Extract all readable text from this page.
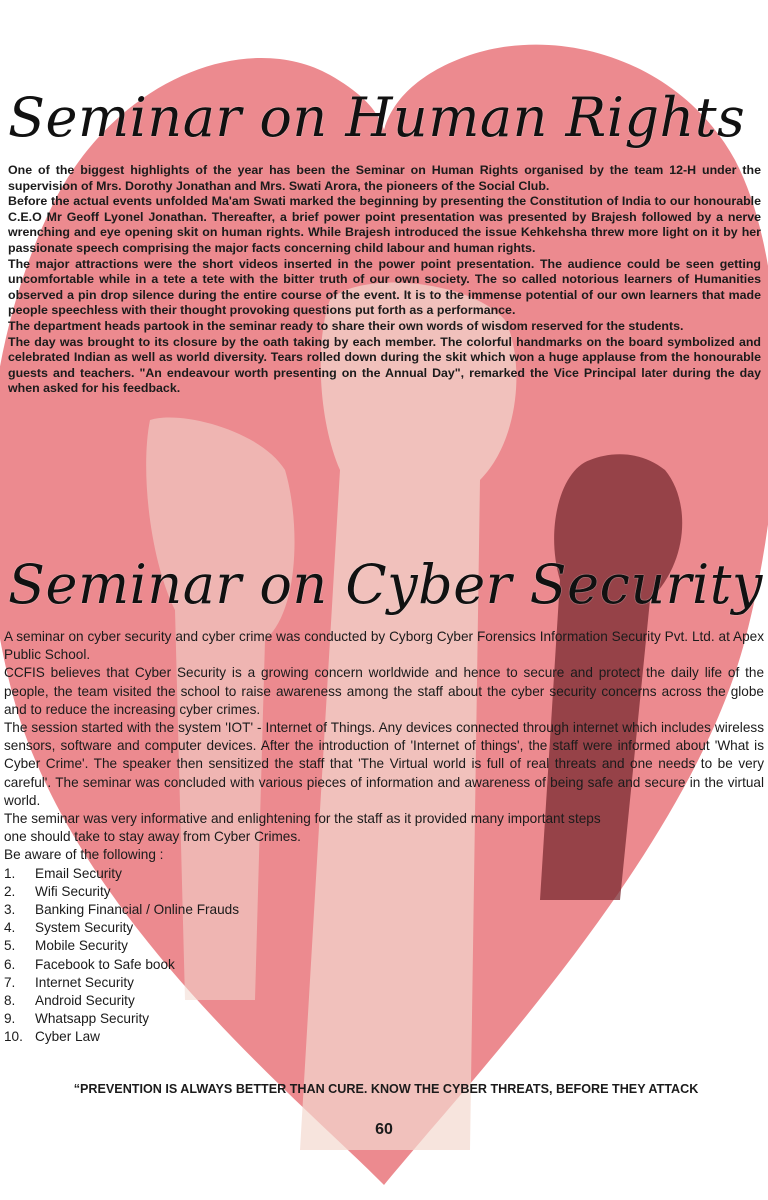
Seminar on Human Rights

One of the biggest highlights of the year has been the Seminar on Human Rights organised by the team 12-H under the supervision of Mrs. Dorothy Jonathan and Mrs. Swati Arora, the pioneers of the Social Club.

Before the actual events unfolded Ma'am Swati marked the beginning by presenting the Constitution of India to our honourable C.E.O Mr Geoff Lyonel Jonathan. Thereafter, a brief power point presentation was presented by Brajesh followed by a nerve wrenching and eye opening skit on human rights. While Brajesh introduced the issue Kehkehsha threw more light on it by her passionate speech comprising the major facts concerning child labour and human rights.

The major attractions were the short videos inserted in the power point presentation. The audience could be seen getting uncomfortable while in a tete a tete with the bitter truth of our own society. The so called notorious learners of Humanities observed a pin drop silence during the entire course of the event. It is to the immense potential of our own learners that made people speechless with their thought provoking questions put forth as a performance.

The department heads partook in the seminar ready to share their own words of wisdom reserved for the students.

The day was brought to its closure by the oath taking by each member. The colorful handmarks on the board symbolized and celebrated Indian as well as world diversity. Tears rolled down during the skit which won a huge applause from the honourable guests and teachers. "An endeavour worth presenting on the Annual Day", remarked the Vice Principal later during the day when asked for his feedback.

Seminar on Cyber Security

A seminar on cyber security and cyber crime was conducted by Cyborg Cyber Forensics Information Security Pvt. Ltd. at Apex Public School.

CCFIS believes that Cyber Security is a growing concern worldwide and hence to secure and protect the daily life of the people, the team visited the school to raise awareness among the staff about the cyber security concerns across the globe and to reduce the increasing cyber crimes.

The session started with the system 'IOT' - Internet of Things. Any devices connected through internet which includes wireless sensors, software and computer devices. After the introduction of 'Internet of things', the staff were informed about 'What is Cyber Crime'. The speaker then sensitized the staff that 'The Virtual world is full of real threats and one needs to be very careful'. The seminar was concluded with various pieces of information and awareness of being safe and secure in the virtual world.

The seminar was very informative and enlightening for the staff as it provided many important steps

one should take to stay away from Cyber Crimes.

Be aware of the following :

1.	Email Security
2.	Wifi Security
3.	Banking Financial / Online Frauds
4.	System Security
5.	Mobile Security
6.	Facebook to Safe book
7.	Internet Security
8.	Android Security
9.	Whatsapp Security
10. Cyber Law
“PREVENTION IS ALWAYS BETTER THAN CURE. KNOW THE CYBER THREATS, BEFORE THEY ATTACK
60
